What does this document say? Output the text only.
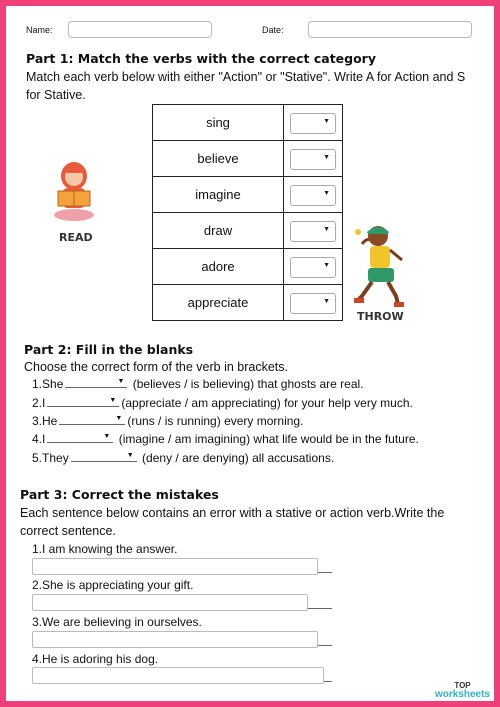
Name:	Date:
Part 1: Match the verbs with the correct category
Match each verb below with either "Action" or "Stative". Write A for Action and S for Stative.
sing	▼

believe	▼

imagine	▼

draw	▼

adore	▼

appreciate	▼
READ
THROW
Part 2: Fill in the blanks
Choose the correct form of the verb in brackets.
1.She	▼ (believes / is believing) that ghosts are real.
2.I	▼ (appreciate / am appreciating) for your help very much.
3.He	▼ (runs / is running) every morning.
4.I	▼ (imagine / am imagining) what life would be in the future.
5.They	▼ (deny / are denying) all accusations.
Part 3: Correct the mistakes
Each sentence below contains an error with a stative or action verb.Write the correct sentence.
1.I am knowing the answer.
2.She is appreciating your gift.
3.We are believing in ourselves.
4.He is adoring his dog.
TOP
worksheets
